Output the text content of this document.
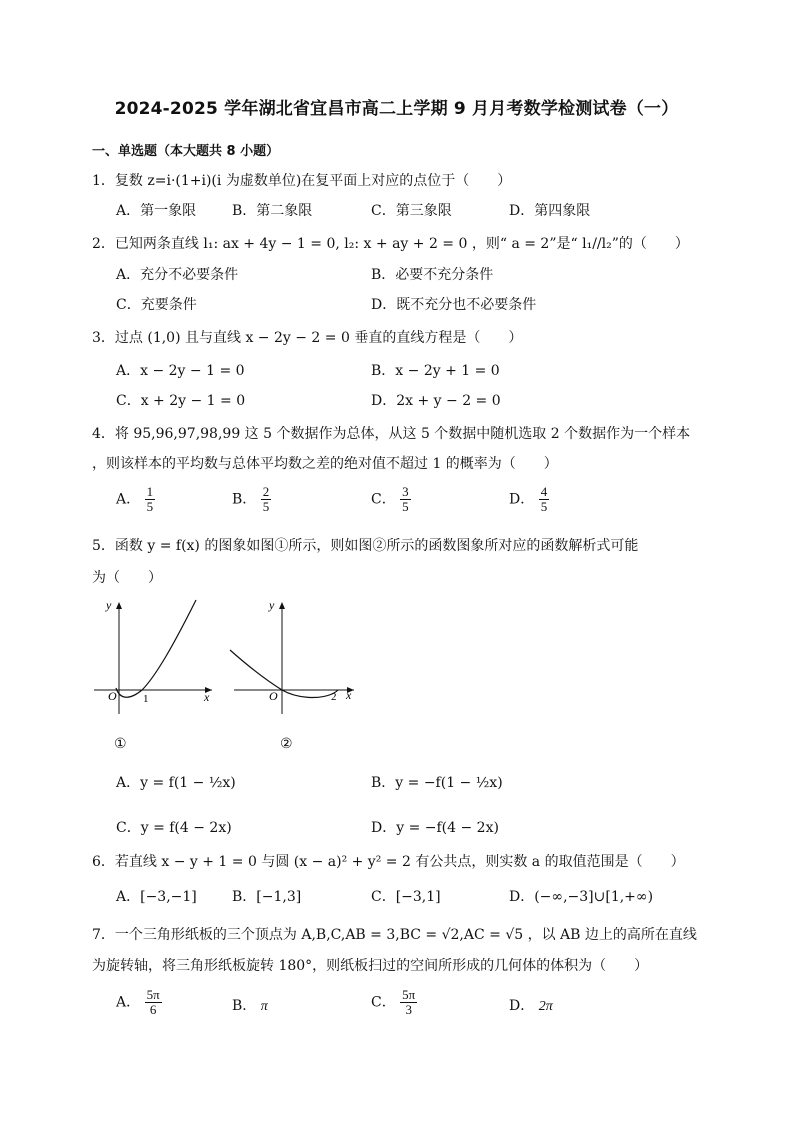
2024-2025 学年湖北省宜昌市高二上学期 9 月月考数学检测试卷（一）
一、单选题（本大题共 8 小题）
1．复数 z=i·(1+i)(i 为虚数单位)在复平面上对应的点位于（　　）
A．第一象限	B．第二象限	C．第三象限	D．第四象限
2．已知两条直线 l₁: ax + 4y − 1 = 0, l₂: x + ay + 2 = 0 ，则“ a = 2”是“ l₁//l₂”的（　　）
A．充分不必要条件	B．必要不充分条件
C．充要条件	D．既不充分也不必要条件
3．过点 (1,0) 且与直线 x − 2y − 2 = 0 垂直的直线方程是（　　）
A．x − 2y − 1 = 0	B．x − 2y + 1 = 0
C．x + 2y − 1 = 0	D．2x + y − 2 = 0
4．将 95,96,97,98,99 这 5 个数据作为总体，从这 5 个数据中随机选取 2 个数据作为一个样本
，则该样本的平均数与总体平均数之差的绝对值不超过 1 的概率为（　　）
A． $\frac{1}{5}$	B． $\frac{2}{5}$	C． $\frac{3}{5}$	D． $\frac{4}{5}$
5．函数 y = f(x) 的图象如图①所示，则如图②所示的函数图象所对应的函数解析式可能
为（　　）
y
x
O 1
①
y
x
O	2
②
A．y = f(1 − ½x)	B．y = −f(1 − ½x)
C．y = f(4 − 2x)	D．y = −f(4 − 2x)
6．若直线 x − y + 1 = 0 与圆 (x − a)² + y² = 2 有公共点，则实数 a 的取值范围是（　　）
A．[−3,−1]	B．[−1,3]	C．[−3,1]	D．(−∞,−3]∪[1,+∞)
7．一个三角形纸板的三个顶点为 A,B,C,AB = 3,BC = √2,AC = √5 ，以 AB 边上的高所在直线
为旋转轴，将三角形纸板旋转 180°，则纸板扫过的空间所形成的几何体的体积为（　　）
A． $\frac{5\pi}{6}$	B． π	C． $\frac{5\pi}{3}$	D． 2π
